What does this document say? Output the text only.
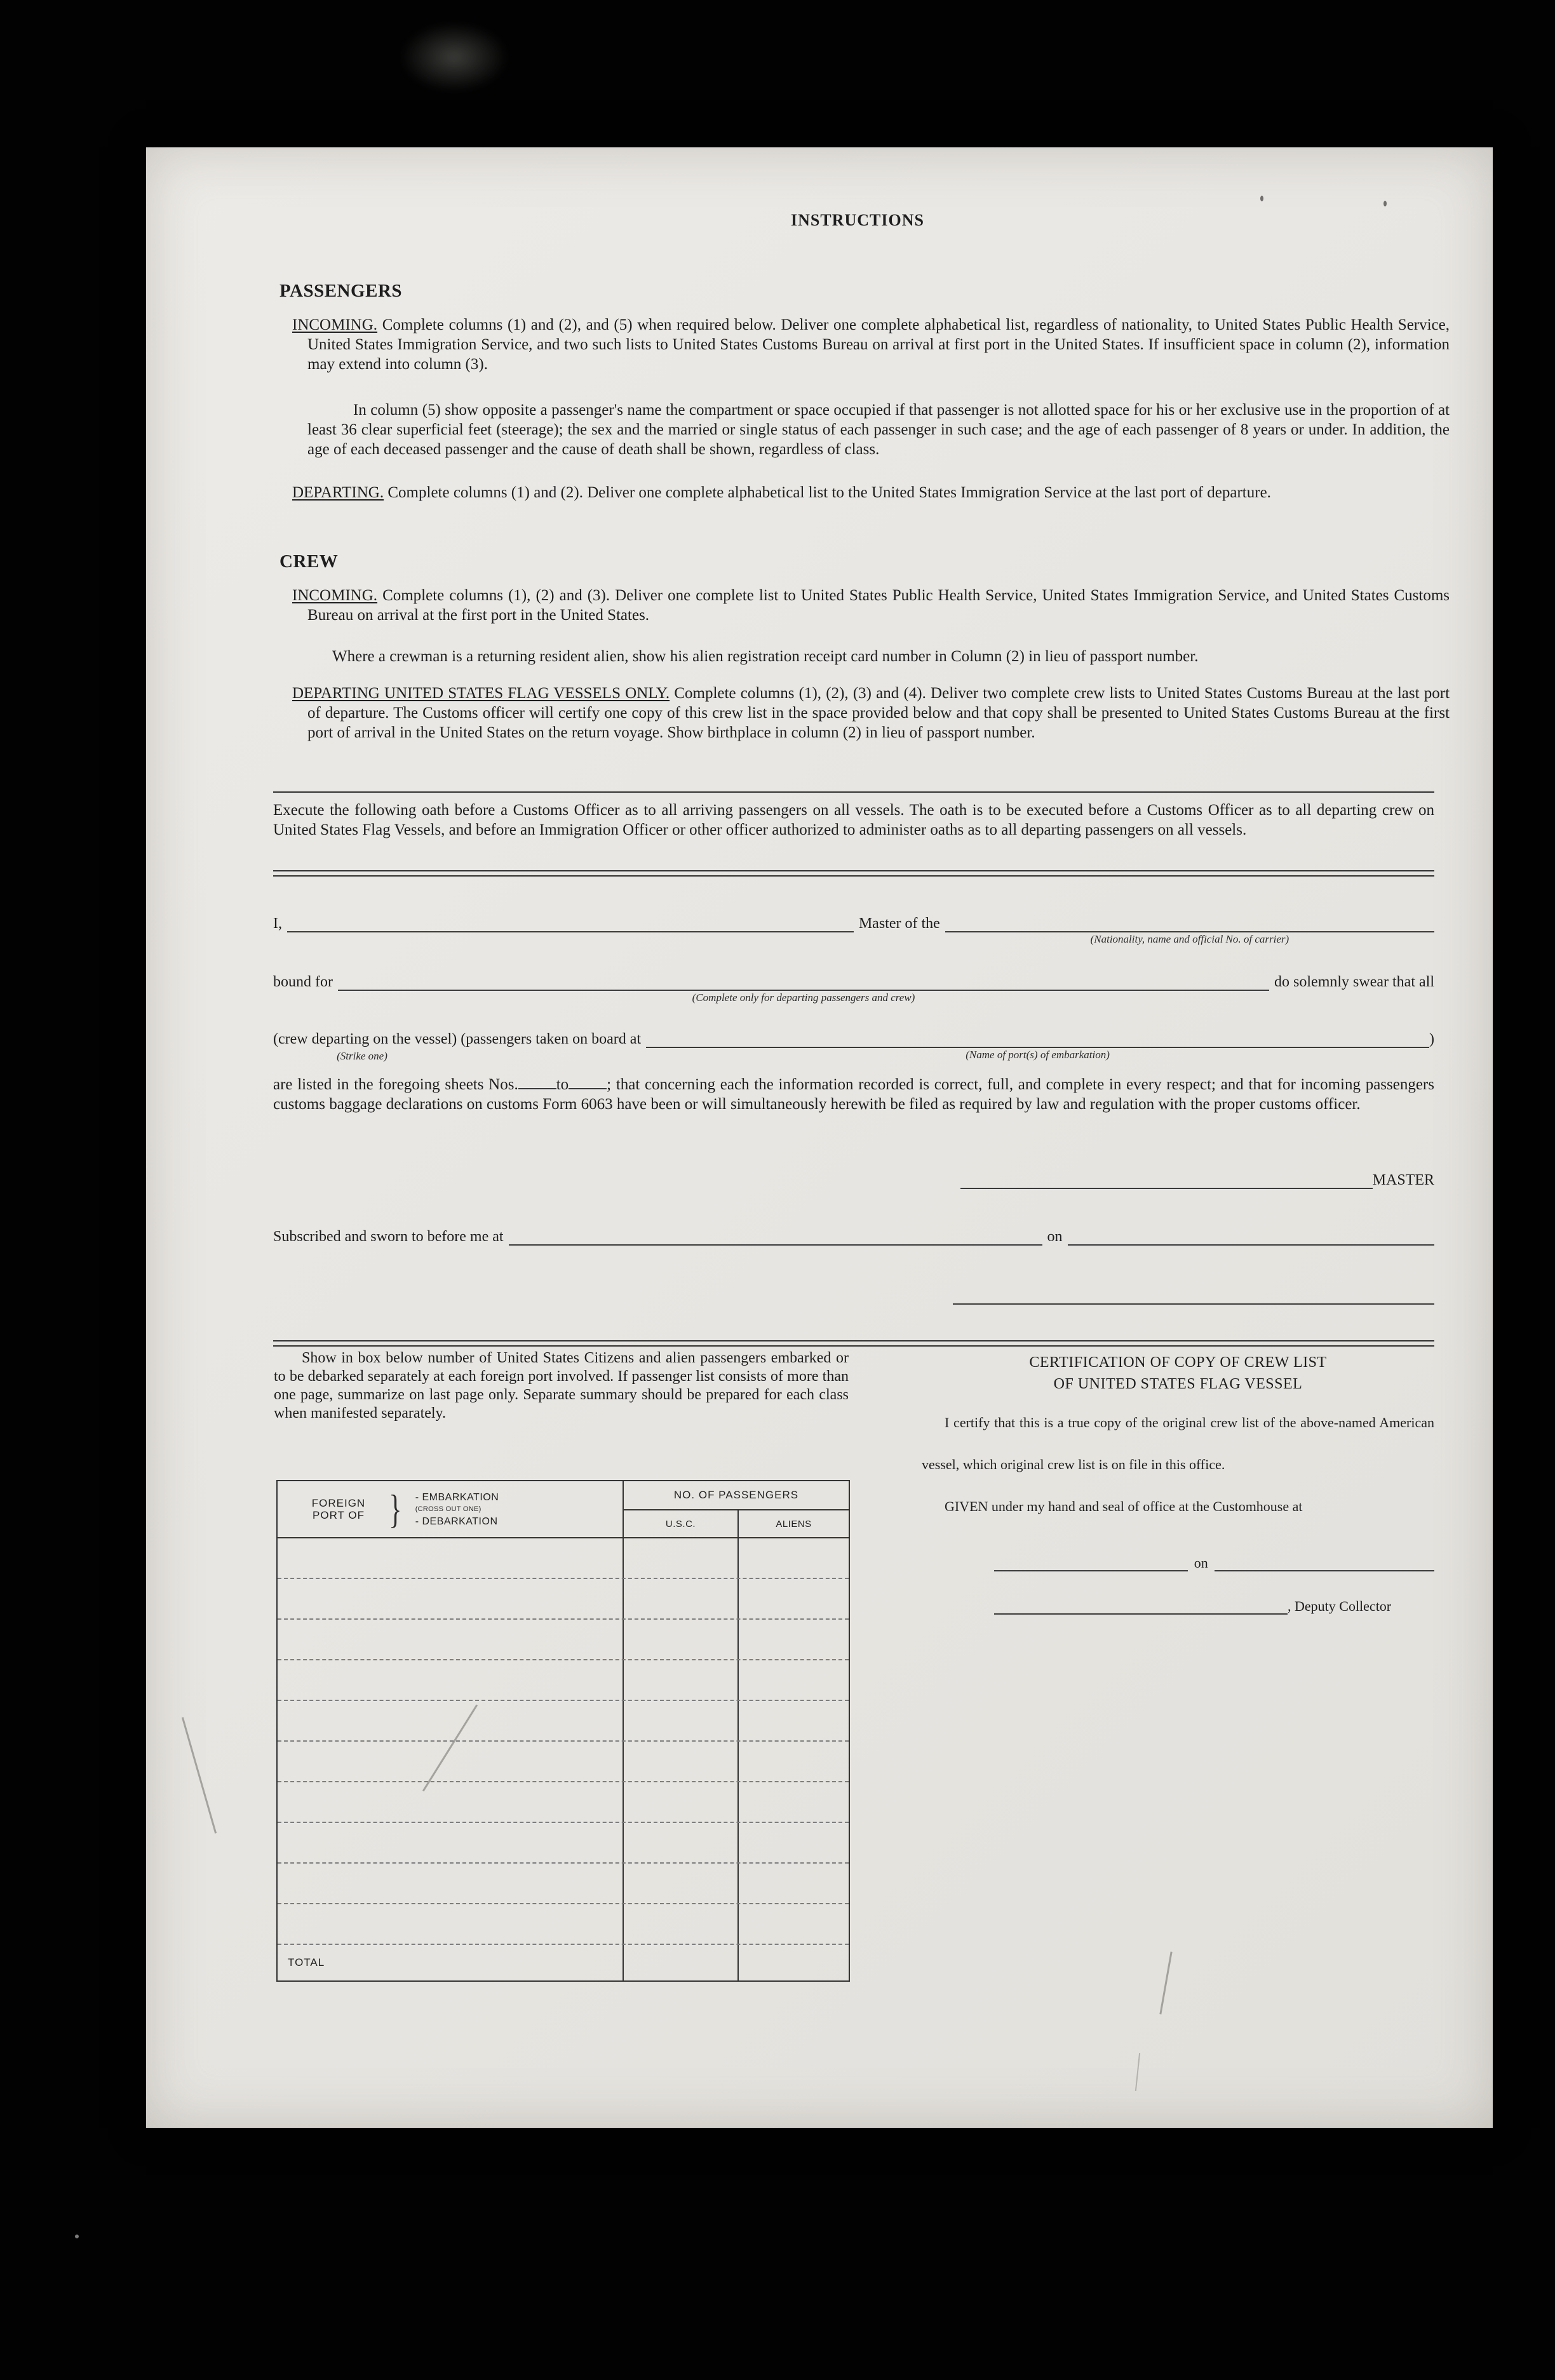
INSTRUCTIONS
PASSENGERS

INCOMING. Complete columns (1) and (2), and (5) when required below. Deliver one complete alphabetical list, regardless of nationality, to United States Public Health Service, United States Immigration Service, and two such lists to United States Customs Bureau on arrival at first port in the United States. If insufficient space in column (2), information may extend into column (3).

In column (5) show opposite a passenger's name the compartment or space occupied if that passenger is not allotted space for his or her exclusive use in the proportion of at least 36 clear superficial feet (steerage); the sex and the married or single status of each passenger in such case; and the age of each passenger of 8 years or under. In addition, the age of each deceased passenger and the cause of death shall be shown, regardless of class.

DEPARTING. Complete columns (1) and (2). Deliver one complete alphabetical list to the United States Immigration Service at the last port of departure.

CREW

INCOMING. Complete columns (1), (2) and (3). Deliver one complete list to United States Public Health Service, United States Immigration Service, and United States Customs Bureau on arrival at the first port in the United States.

Where a crewman is a returning resident alien, show his alien registration receipt card number in Column (2) in lieu of passport number.

DEPARTING UNITED STATES FLAG VESSELS ONLY. Complete columns (1), (2), (3) and (4). Deliver two complete crew lists to United States Customs Bureau at the last port of departure. The Customs officer will certify one copy of this crew list in the space provided below and that copy shall be presented to United States Customs Bureau at the first port of arrival in the United States on the return voyage. Show birthplace in column (2) in lieu of passport number.

Execute the following oath before a Customs Officer as to all arriving passengers on all vessels. The oath is to be executed before a Customs Officer as to all departing crew on United States Flag Vessels, and before an Immigration Officer or other officer authorized to administer oaths as to all departing passengers on all vessels.

I,	Master of the
(Nationality, name and official No. of carrier)
bound for
(Complete only for departing passengers and crew)
do solemnly swear that all
(crew departing on the vessel) (passengers taken on board at
(Strike one)	(Name of port(s) of embarkation)
)

are listed in the foregoing sheets Nos. to ; that concerning each the information recorded is correct, full, and complete in every respect; and that for incoming passengers customs baggage declarations on customs Form 6063 have been or will simultaneously herewith be filed as required by law and regulation with the proper customs officer.

MASTER
Subscribed and sworn to before me at	on

Show in box below number of United States Citizens and alien passengers embarked or to be debarked separately at each foreign port involved. If passenger list consists of more than one page, summarize on last page only. Separate summary should be prepared for each class when manifested separately.

FOREIGN PORT OF } - EMBARKATION
(CROSS OUT ONE)
- DEBARKATION
NO. OF PASSENGERS
U.S.C.	ALIENS
TOTAL
CERTIFICATION OF COPY OF CREW LIST
OF UNITED STATES FLAG VESSEL

I certify that this is a true copy of the original crew list of the above-named American vessel, which original crew list is on file in this office.

GIVEN under my hand and seal of office at the Customhouse at

on
, Deputy Collector
